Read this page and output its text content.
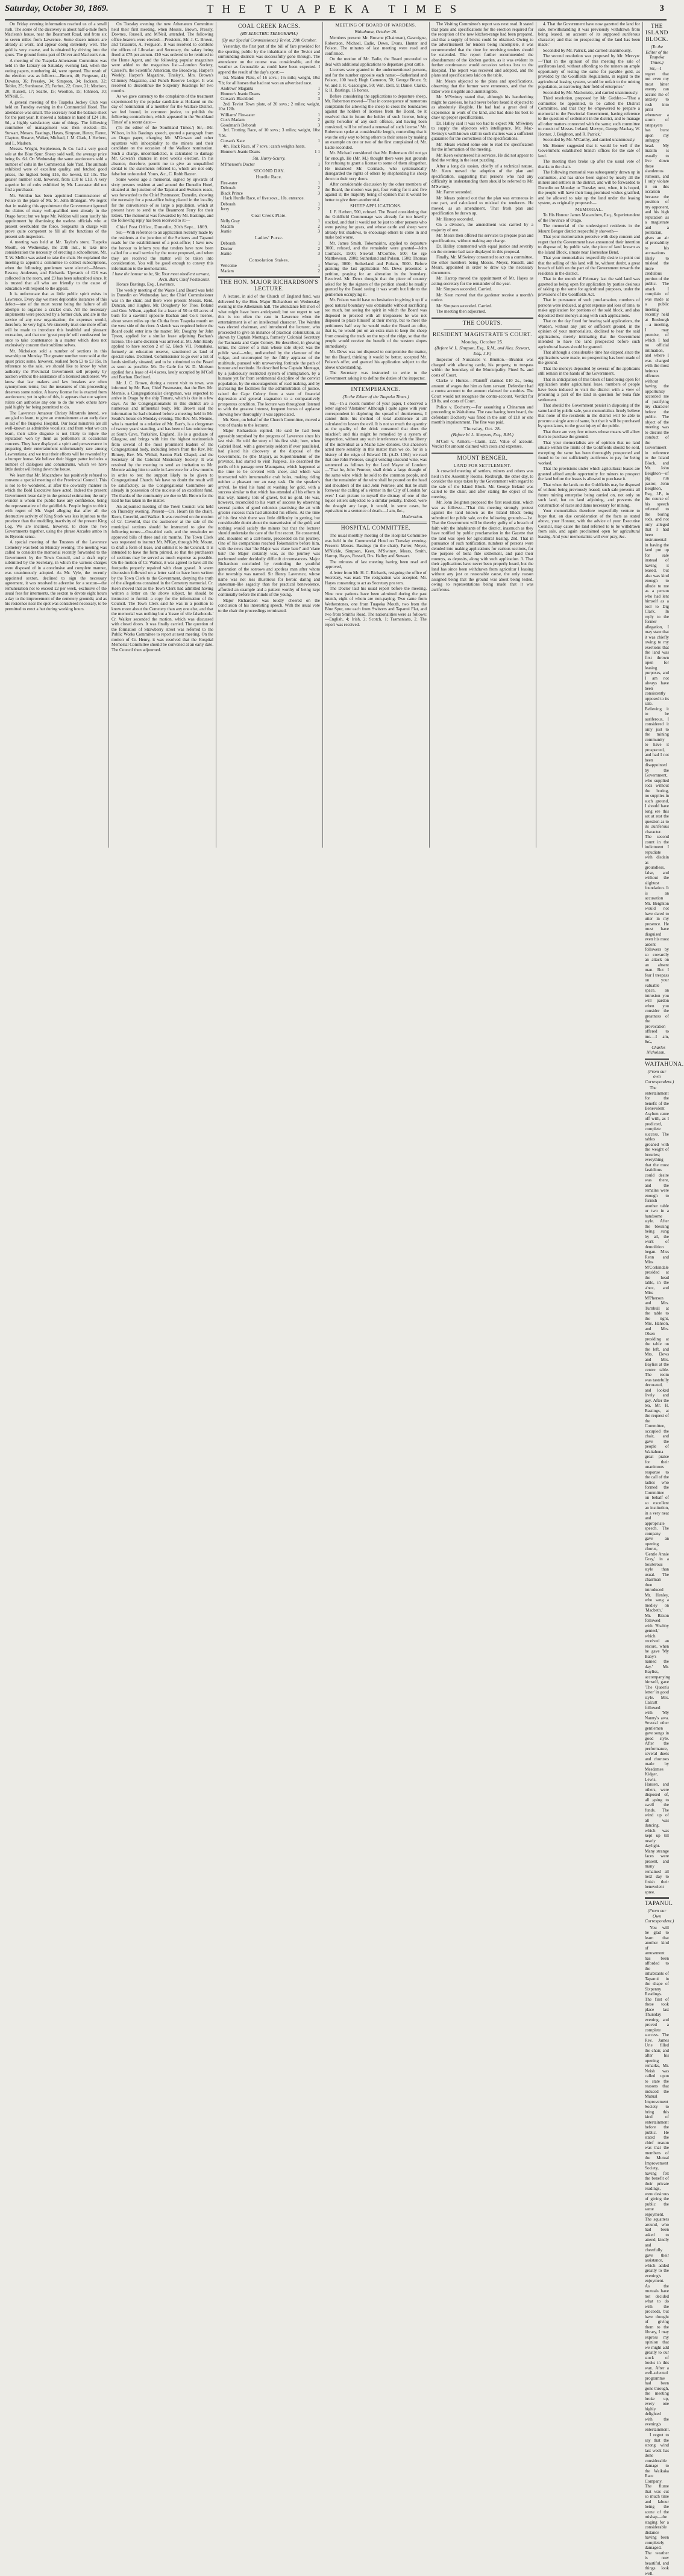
Saturday, October 30, 1869.	THE TUAPEKA TIMES	3

On Friday evening information reached us of a small rush. The scene of the discovery is about half-a-mile from Maclean's house, near the Beaumont Road, and from six to seven miles from Lawrence. Some dozen miners are already at work, and appear doing extremely well. The gold is very coarse, and is obtained by driving into the spurs. The ground forms part of Driver and Maclean's run.

A meeting of the Tuapeka Athenæum Committee was held in the Library on Saturday evening last, when the voting papers, numbering 44, were opened. The result of the election was as follows:—Brown, 40; Ferguson, 41; Downes, 36; Pressley, 34; Simpson, 34; Jackson, 32; Tobler, 25; Stenhouse, 25; Forbes, 22; Crow, 21; Morison, 20; Russell, 17; Searle, 15; Wootton, 15; Johnson, 10; M'Neill, 5.

A general meeting of the Tuapeka Jockey Club was held on Tuesday evening in the Commercial Hotel. The attendance was small. The secretary read the balance sheet for the past year. It showed a balance in hand of £24 18s. 6d., a highly satisfactory state of things. The following committee of management was then elected:—Dr. Stewart, Messrs. Bastings, Hayes, Simpson, Henry, Farrer, Clayton, Shearer, Walker, Michael, J. M. Clark, J. Herbert, and L. Madsen.

Messrs. Wright, Stephenson, & Co. had a very good sale at the Blue Spur. Sheep sold well, the average price being 6s. 6d. On Wednesday the same auctioneers sold a number of colts in the Commercial Sale Yard. The animals exhibited were of excellent quality, and fetched good prices, the highest being £16, the lowest, £2 10s. The greater number sold, however, from £10 to £13. A very superior lot of colts exhibited by Mr. Lancaster did not find a purchaser.

Mr. Weldon has been appointed Commissioner of Police in the place of Mr. St. John Branigan. We regret that in making this appointment the Government ignored the claims of many well-qualified men already in the Otago force; but we hope Mr. Weldon will soon justify his appointment by dismissing the useless officials who at present overburden the force. Sergeants in charge will prove quite competent to fill all the functions of the present sub-inspectors.

A meeting was held at Mr. Taylor's store, Tuapeka Mouth, on Wednesday, the 20th inst., to take into consideration the necessity of erecting a schoolhouse. Mr. T. W. Mellor was asked to take the chair. He explained the meeting to appoint a committee to collect subscriptions, when the following gentlemen were elected:—Messrs. Rescoe, Anderson, and Richards. Upwards of £26 was collected in the room, and £9 has been subscribed since. It is trusted that all who are friendly to the cause of education will respond to the appeal.

It is unfortunate that as little public spirit exists in Lawrence. Every day we meet deplorable instances of this defect—one of the most recent being the failure of all attempts to organise a cricket club. All the necessary implements were procured by a former club, and are in the service of any new organisation; the expenses would, therefore, be very light. We sincerely trust one more effort will be made to introduce this healthful and pleasant recreation, and that our 'great people' will condescend for once to take countenance in a matter which does not exclusively concern their sublime selves.

Mr. Nicholson sold a number of sections in this township on Monday. The greater number were sold at the upset price; some, however, realised from £3 to £3 15s. In reference to the sale, we should like to know by what authority the Provincial Government sell property by auction without the assistance of a licensed auctioneer. We know that law makers and law breakers are often synonymous terms; but the measures of this proceeding deserves some notice. A heavy license fee is exacted from auctioneers; yet in spite of this, it appears that our sapient rulers can authorise any one to do the work others have paid highly for being permitted to do.

The Lawrence Amateur Christy Minstrels intend, we are glad to learn, to give an entertainment at an early date in aid of the Tuapeka Hospital. Our local minstrels are all well-known as admirable vocalists; and from what we can learn, their sable disguise is not likely to injure the reputation won by them as performers at occasional concerts. They have displayed a spirit and perseverance in preparing their entertainment unfortunately rare among Lawrentians; and we trust their efforts will be rewarded by a bumper house. We believe their bigger patter includes a number of dialogues and conundrums, which we have little doubt will bring down the house.

We learn that Mr. Macandrew has positively refused to convene a special meeting of the Provincial Council. This is not to be wondered, at after the cowardly manner in which the Bold Executive have acted. Indeed the present Government lesse daily in the general estimation; the only wonder is whom the public have any confidence, being the representative of the goldfields. People begin to think with regret of Mr. Vogel alleging that after all the destructive activity of King Stork was less injurious to the province than the muddling inactivity of the present King Log. We are inclined, however, to close the two Governments together, using the phrase Arcades ambo in its Byronic sense.

A special meeting of the Trustees of the Lawrence Cemetery was held on Monday evening. The meeting was called to consider the memorial recently forwarded to the Government by the Town Council, and a draft reply submitted by the Secretary, in which the various charges were disposed of in a conclusive and complete manner, was unanimously adopted. As Mr. Vyle, the recently appointed sexton, declined to sign the necessary agreement, it was resolved to advertise for a sexton—the remuneration not to exceed £2 per week, exclusive of the usual fees for interments, the sexton to devote eight hours a day to the improvement of the cemetery grounds; and as his residence near the spot was considered necessary, to be permitted to erect a hut during working hours.

On Tuesday evening the new Athenæum Committee held their first meeting, when Messrs. Brown, Pressly, Downes, Russell, and M'Neil, attended. The following office-bearers were elected:—President, Mr. J. C. Brown, and Treasurer, A. Ferguson. It was resolved to combine the offices of Librarian and Secretary, the salary being fixed at £75 per annum. £10 was ordered to be remitted to the Home Agent, and the following popular magazines were added to the magazines list:—London Society, Cassell's, the Scientific American, the Broadway, Harper's Weekly, Harper's Magazine, Tinsley's, Mrs. Brown's Chimney Magazine, and Punch Reserve Ledger. It was resolved to discontinue the Sixpenny Readings for two months.

As we gave currency to the complaints of the treatment experienced by the popular candidate at Hokanui on the day of nomination of a member for the Wallace District, we feel bound, in common justice, to publish the following contradiction, which appeared in the 'Southland Times' of a recent date:—

(To the editor of the 'Southland Times.') Sir,—Mr. Wilson, in his Bastings speech, quoted a paragraph from an Otago paper, charging Mr. M'Gowan and other squatters with inhospitality to the miners and their candidate on the occasion of the Wallace nomination. Such a charge, uncontradicted, is calculated to damage Mr. Gowan's chances in next week's election. In his absence, therefore, permit me to give an unqualified denial to the statements referred to, which are not only false but unfounded. Yours, &c., C. Robb Baxter.

Some weeks ago a memorial, signed by upwards of sixty persons resident at and around the Dunedin Hotel, situated at the junction of the Tapanui and Switzers roads, was forwarded to the Chief Postmaster, Dunedin, showing the necessity for a post-office being placed in the locality for the convenience of so large a population, which at present have to send to the Beaumont Ferry for their letters. The memorial was forwarded by Mr. Bastings, and the following reply has been received to it:—

Chief Post Office, Dunedin, 20th Sept., 1869.

Sir,—With reference to an application recently made by the residents at the junction of the Switzers and Tapanui roads for the establishment of a post-office; I have now the honour to inform you that tenders have now been called for a mail service by the route proposed, and when they are received the matter will be taken into consideration. You will be good enough to convey this information to the memorialists.

I have the honour to be, Sir, Your most obedient servant, Arch. Barr, Chief Postmaster.

Horace Bastings, Esq., Lawrence.

The weekly meeting of the Waste Land Board was held in Dunedin on Wednesday last; the Chief Commissioner was in the chair, and there were present Messrs. Reid, Duncan, and Hughes. Mr. Dougherty for Thos. Boland and Geo. Wilson, applied for a lease of 50 or 60 acres of bush for a sawmill opposite Bachan and Co.'s license, about seven miles up the Clutha from Tuapeka mouth on the west side of the river. A sketch was required before the Board could enter into the matter. Mr. Doughty for John Tyson, applied for a similar lease adjoining Bachan's license. The same decision was arrived at. Mr. John Hardy applied to have section 2 of 62, Block VII, Pomahaka, formerly an education reserve, sanctioned as land of special value. Declined. Commissioner to go over a list of lands similarly situated, and to be submitted to the Board as soon as possible. Mr. De Carle for W. D. Morison applied for a lease of 414 acres, lately occupied by M'Coll and Buchan. Declined.

Mr. J. C. Brown, during a recent visit to town, was informed by Mr. Barr, Chief Postmaster, that the Rev. Mr. Mennie, a Congregationalist clergyman, was expected to arrive in Otago by the ship Timaru, which is due in a few days. As the Congregationalists in this district are a numerous and influential body, Mr. Brown said the information he had obtained before a meeting held in Mr. Searle's house on Monday evening. The Rev. Mr. Mennie, who is married to a relative of Mr. Barr's, is a clergyman of twenty years' standing, and has been of late ministering at South Cave, Yorkshire, England. He is a graduate of Glasgow, and brings with him the highest testimonials from several of the most prominent leaders of the Congregational body, including letters from the Rev. Mr. Binney, Rev. Mr. Withal, Saxton Park Chapel, and the Secretary of the Colonial Missionary Society. It was resolved by the meeting to send an invitation to Mr. Mennie asking him to settle in Lawrence for a few months in order to test the support likely to be given to Congregational Church. We have no doubt the result will be satisfactory, as the Congregational Committee are already in possession of the nucleus of an excellent fund. The thanks of the community are due to Mr. Brown for the lead he has taken in the matter.

An adjourned meeting of the Town Council was held on Thursday evening. Present—Crs. Hearn (in the chair), Keen, Coverlid, and Walker. It was resolved on the motion of Cr. Coverlid, that the auctioneer at the sale of the municipal sections should be instructed to give the following terms:—One-third cash, and the remainder on approved bills of three and six months. The Town Clerk was requested to instruct Mr. M'Kay, through Mr. Mount, to draft a form of lease, and submit it to the Council. It is intended to have the form printed, so that the purchasers of sections may be served as much expense as possible. On the motion of Cr. Walker, it was agreed to have all the footpaths properly repaired with clean gravel. A warm discussion followed on a letter said to have been written by the Town Clerk to the Government, denying the truth of the allegations contained in the Cemetery memorial. Cr. Keen moved that as the Town Clerk had admitted having written a letter on the above subject, he should be instructed to furnish a copy for the information of the Council. The Town Clerk said he was in a position to know more about the Cemetery than any one else, and that the memorial was nothing but a 'tissue of vile falsehoods.' Cr. Walker seconded the motion, which was discussed with closed doors. It was finally carried. The question of the formation of Strawberry street was referred to the Public Works Committee to report at next meeting. On the motion of Cr. Henry, it was resolved that the Hospital Memorial Committee should be convened at an early date. The Council then adjourned.

COAL CREEK RACES.
(BY ELECTRIC TELEGRAPH.)
(By our Special Commissioner.) Teviot, 29th October.

Yesterday, the first part of the bill of fare provided for the sporting public by the inhabitants of the Teviot and surrounding districts was successfully gone through. The attendance on the course was considerable, and the weather as favourable as could have been expected. I append the result of the day's sport:—

1st. Maiden Plate, of 16 sovs.; 1½ mile; weight, 10st 7lb; for all horses that had not won an advertised race.

Andrews' Maganta	1
Honnor's Jeanie Deans	2
Corsan's Blackbird	3

2nd. Teviot Town plate, of 20 sovs.; 2 miles; weight, 10st 12lb.

Williams' Fire-eater	1
Cox's Madam	2
Goodman's Deborah	3

3rd. Trotting Race, of 10 sovs.; 3 miles; weight, 10st 7lbs.

Corsan's Kate	1

4th. Hack Race, of 7 sovs.; catch weights heats.

Honnor's Jeanie Deans	1 1
5th. Hurry-Scurry.
M'Pherson's Doctor	1
SECOND DAY.
Hurdle Race.
Fire-eater	1
Deborah	2
Black Prince	3

Hack Hurdle Race, of five sovs., 10s. entrance.

Deborah	1
Jerry	2
Coal Creek Plate.
Nelly Gray	1
Madam	2
Jeanie	3
Ladies' Purse.
Deborah	1
Doctor	2
Jeanie	3
Consolation Stakes.
Welcome	1
Madam	2
THE HON. MAJOR RICHARDSON'S LECTURE.

A lecture, in aid of the Church of England fund, was delivered by the Hon. Major Richardson on Wednesday evening in the Athenæum hall. The attendance fell short of what might have been anticipated; but we regret to say this is too often the case in Lawrence when the entertainment is of an intellectual character. The Warden was elected chairman, and introduced the lecturer, who proceeded to give an instance of practical colonization, as shown by Captain Montagu, formerly Colonial Secretary for Tasmania and Cape Colony. He described, in glowing terms, the career of a man whose sole object was the public weal—who, undisturbed by the clamour of the vulgar, and uncorrupted by the filthy applause of the multitude, pursued with unswerving fortitude the path of honour and rectitude. He described how Captain Montagu, by a judiciously restricted system of immigration, by a humane yet far from sentimental discipline of the convict population, by the encouragement of road making, and by increasing the facilities for the administration of justice, raised the Cape Colony from a state of financial depression and general stagnation to a comparatively prosperous condition. The lecture was throughout listened to with the greatest interest, frequent bursts of applause showing how thoroughly it was appreciated.

Mr. Keen, on behalf of the Church Committee, moved a vote of thanks to the lecturer.

Major Richardson replied. He said he had been agreeably surprised by the progress of Lawrence since his last visit. He told the story of his first visit; how, when Gabriel Read, with a generosity seldom if ever paralleled, had placed his discovery at the disposal of the Government, he (the Major), as Superintendent of the province, had started to visit Tuapeka. He described the perils of his passage over Maungatua, which happened at the time to be covered with snow, and which was intersected with innumerable crab holes, making riding neither a pleasant nor an easy task. On the speaker's arrival, he tried his hand at washing for gold, with a success similar to that which has attended all his efforts in that way, namely, lots of gravel, but no gold. He was, however, reconciled to his want of success by observing several parties of good colonists practising the art with greater success than had attended his efforts. At the time of his first visit there was little difficulty in getting, but considerable doubt about the transmission of the gold, and nothing would satisfy the miners but that the lecturer should undertake the care of the first escort. He consented, and, mounted on a cart-horse, proceeded on his journey. One of his companions reached Tokomairiro before him, with the news that 'the Major was clane bate!' and 'clane bate' the Major certainly was, as the journey was performed under decidedly difficult circumstances. Major Richardson concluded by reminding the youthful generation of the sorrows and spotless man after whom the township was named. Sir Henry Lawrence, whose name was not less illustrious for heroic daring and statesman-like sagacity than for practical benevolence, afforded an example and a pattern worthy of being kept continually before the minds of the young.

Major Richardson was loudly cheered on the conclusion of his interesting speech. With the usual vote to the chair the proceedings terminated.

MEETING OF BOARD OF WARDENS.
Waitahuna, October 26.

Members present: Mr. Browne (Chairman), Gascoigne, Robertson, Michael, Eadie, Dews, Evans, Hunter and Polson. The minutes of last meeting were read and confirmed.

On the motion of Mr. Eadie, the Board proceeded to deal with additional applications to depasture great cattle.

Licenses were granted to the undermentioned persons, and for the number opposite each name:—Sutherland and Polson, 100 head; Hugh Cameron, 50; George Bruce, 9; W. and J. R. Gascoigne, 50; Win. Dell, 9; Daniel Clarke, 6; H. Bastings, 16 horses.

Before considering the applications to depasture sheep, Mr. Robertson moved—'That in consequence of numerous complaints for allowing the sheep to cross the boundaries against the holders of licenses from the Board, be it resolved that in future the holder of such license, being guilty hereafter of any such offence, and having been convicted, will be refused a renewal of such license.' Mr. Robertson spoke at considerable length, contending that it was the only way to bring others to their senses by making an example on one or two of the first complained of. Mr. Eadie seconded.

Mr. Michael considered that Mr. Robertson did not go far enough. He (Mr. M.) thought there were just grounds for refusing to grant a license to some of them altogether. He instanced Mr. Cormack, who systematically disregarded the rights of others by shepherding his sheep down to their very doors.

After considerable discussion by the other members of the Board, the motion was put, four voting for it and five against it; the majority being of opinion that it would be better to give them another trial.

SHEEP APPLICATIONS.

J. F. Herbert, 500, refused. The Board considering that the Goldfield Commonage was already far too heavily stocked, and that it would not be just to other persons who were paying for grass, and whose cattle and sheep were already but shadows, to encourage others to come in and make bad worse.

Mr. James Smith, Tokomairiro, applied to depasture 3000, refused, and the remainder were granted—John Cormack, 1500; Stewart M'Combe, 500; Ge rge Matthewson, 2000; Sutherland and Polson, 1500; Thomas Murray, 3000; Sutherland and Polson, 5000. Before granting the last application Mr. Dews presented a petition, praying for an alteration in the boundary. Received. Mr. Dews thought that the piece of country asked for by the signers of the petition should be readily granted by the Board seeing it was worth but little to the gentlemen occupying it.

Mr. Polson would have no hesitation in giving it up if a good natural boundary was obtainable without sacrificing too much, but seeing the spirit in which the Board was disposed to proceed with all trespassers he was not disposed to place himself at their mercy, but to meet the petitioners half way he would make the Board an offer, that is, he would put on an extra man to keep the sheep from crossing the track on the top of the ridge, so that the people would receive the benefit of the western slopes immediately.

Mr. Dews was not disposed to compromise the matter, but the Board, thinking it would be better, accepted Mr. Polson's offer, and granted his application subject to the above understanding.

The Secretary was instructed to write to the Government asking it to define the duties of the inspector.

INTEMPERANCE.
(To the Editor of the Tuapeka Times.)

Sir,—In a recent number of your paper, I observed a letter signed 'Abstainer' Although I quite agree with your correspondent in deploring the spread of drunkenness, I cannot think his method of total abstinence at all calculated to lessen the evil. It is not so much the quantity as the quality of the drink consumed that does the mischief; and this might be remedied by a system of inspection, without any such interference with the liberty of the individual as a Maine Law denotes. Our ancestors acted more sensibly in this matter than we do, for in a history of the reign of Edward III. (A.D. 1364) we read that one John Penrose, caught vending unsound wine, was sentenced as follows by the Lord Mayor of London:—'That he, John Penrose, shall drink a large draught of the same wine which he sold to the common people, and that the remainder of the wine shall be poured on the head and shoulders of the said John Penrose; and that he shall forswear the calling of a vintner in the City of London for ever.' I can picture to myself the dismay of one of the liquor sellers subjected to a similar penalty. Indeed, were the draught any large, it would, in some cases, be equivalent to a sentence of death.—I am, &c.,

Moderation.
HOSPITAL COMMITTEE.

The usual monthly meeting of the Hospital Committee was held in the Commercial Hotel on Tuesday evening. Present: Messrs. Bastings (in the chair), Farrer, Meyer, M'Nickle, Simpson, Keen, M'Swiney, Mears, Smith, Harrop, Hayes, Russell, Drs. Halley and Stewart.

The minutes of last meeting having been read and approved,

A letter from Mr. H. C. Richards, resigning the office of Secretary, was read. The resignation was accepted, Mr. Hayes consenting to act as Secretary pro tem.

The Doctor laid his usual report before the meeting. Nine new patients have been admitted during the past month, eight of whom are non-paying. Two came from Wetherstones, one from Tuapeka Mouth, two from the Blue Spur, one each from Switzers and Tapanui Flat, and two from Smith's Road. The nationalities were as follows:—English, 4; Irish, 2; Scotch, 1; Tasmanians, 2. The report was received.

The Visiting Committee's report was next read. It stated that plans and specifications for the erection required for the reception of the new kitchen-range had been prepared, and that a supply of bricks could be obtained. Owing to the advertisement for tenders being incomplete, it was recommended that the time for receiving tenders should be extended. The report further recommended the abandonment of the kitchen garden, as it was evident its further continuance would occasion serious loss to the Hospital. The report was received and adopted, and the plans and specifications laid on the table.

Mr. Mears objected to the plans and specifications, observing that the former were erroneous, and that the latter were illegible and unintelligible.

Mr. M'Swiney stated that, although his handwriting might be careless, he had never before heard it objected to as absolutely illegible. He had had a great deal of experience in work of the kind, and had done his best to draw up proper specifications.

Dr. Halley said it was too bad to expect Mr. M'Swiney to supply the objectors with intelligence. Mr. Mac-Swiney's well-known skill in such matters was a sufficient guarantee for the correctness of the specifications.

Mr. Mears wished some one to read the specification for the information of the meeting.

Mr. Keen volunteered his services. He did not appear to find the writing in the least puzzling.

After a long dis ussion, chiefly of a technical nature, Mr. Keen moved the adoption of the plan and specification, suggesting that persons who had any difficulty in understanding them should be referred to Mr. M'Swiney.

Mr. Farrer seconded.

Mr. Mears pointed out that the plan was erroneous in one part, and calculated to mislead the tenderers. He moved, as an amendment, 'That fresh plan and specification be drawn up.

Mr. Harrop seconded.

On a division, the amendment was carried by a majority of one.

Mr. Mears then offered his services to prepare plan and specifications, without making any charge.

Dr. Halley commented with equal justice and severity on the extreme bad taste displayed in this proposal.

Finally, Mr. M'Swiney consented to act on a committee, the other members being Messrs. Meyer, Russell, and Mears, appointed in order to draw up the necessary documents.

Mr. Harrop moved the appointment of Mr. Hayes as acting-secretary for the remainder of the year.

Mr. Simpson seconded. Carried.

Mr. Keen moved that the gardener receive a month's notice.

Mr. Simpson seconded. Carried.

The meeting then adjourned.

THE COURTS.
RESIDENT MAGISTRATE'S COURT.
Monday, October 25.
(Before W. L. Simpson, Esq., R.M., and Alex. Stewart, Esq., J.P.)

Inspector of Nuisances v. Brunton.—Brunton was charged with allowing cattle, his property, to trespass within the boundary of the Municipality. Fined 5s. and costs of Court.

Clarke v. Hunter.—Plaintiff claimed £10 2s., being amount of wages due him as farm servant. Defendant had a contra account to the amount claimed for sundries. The Court would not recognise the contra-account. Verdict for £8 8s. and costs of Court.

Police v. Docherty.—For assaulting a Chinaman and proceeding to Waitahuna. The case having been heard, the defendant Docherty was fined in the sum of £10 or one month's imprisonment. The fine was paid.

Thursday, Oct. 28.
(Before W. L. Simpson, Esq., R.M.)

M'Coll v. Aimers.—Claim, £22. Value of account. Verdict for amount claimed with costs and expenses.

MOUNT BENGER.
LAND FOR SETTLEMENT.

A crowded meeting of settlers, miners and others was held in the Assembly Rooms, Roxburgh, the other day, to consider the steps taken by the Government with regard to the sale of the Island Block. Mr. George Ireland was called to the chair, and after stating the object of the meeting,

Mr. John Beighton proposed the first resolution, which was as follows:—'That this meeting strongly protest against the land known as the Island Block being submitted for public sale, on the following grounds:—1st. That the Government will be thereby guilty of a breach of faith with the inhabitants of the district, inasmuch as they have notified by public proclamation in the Gazette that the land was open for agricultural leasing. 2nd. That in pursuance of such notification, numbers of persons were deluded into making applications for various sections, for the purpose of bona fide settlement, and paid their moneys, as deposits, along with such application. 3. That their applications have never been properly heard, but the land has since been withdrawn from agricultur l leasing without any just or reasonable cause, the only reason assigned being that the ground was about being tested, owing to representations being made that it was auriferous.

4. That the Government have now gazetted the land for sale, notwithstanding it was previously withdrawn from being leased, on account of its supposed auriferous character; and that no prospecting of the land has been made.'

Seconded by Mr. Patrick, and carried unanimously.

The second resolution was proposed by Mr. Mervyn:—'That in the opinion of this meeting the sale of auriferous land, without affording to the miners an ample opportunity of testing the same for payable gold, as provided by the Goldfields Regulations, in regard to the agricultural leasing system, would be unfair to the mining population, as narrowing their field of enterprise.'

Seconded by Mr. Mackenzie, and carried unanimously.

Third resolution, proposed by Mr. Geddes:—'That a committee be appointed, to be called the District Committee, and that they be empowered to prepare a memorial to the Provincial Government, having reference to the question of settlement in the district, and to manage all other matters connected with the same; such committee to consist of Messrs. Ireland, Mervyn, George Mackay, W. Honner, J. Beighton, and R. Patrick.'

Seconded by Mr. M'Carthy, and carried unanimously.

Mr. Honner suggested that it would be well if the Government established branch offices for the sale of land.

The meeting then broke up after the usual vote of thanks to the chair.

The following memorial was subsequently drawn up in committee, and has since been signed by nearly all the miners and settlers in the district, and will be forwarded to Dunedin on Monday or Tuesday next, when, it is hoped, the people will have their long-promised wishes gratified, and be allowed to take up the land under the leasing system, as originally proposed:—

MEMORIAL.

To His Honour James Macandrew, Esq., Superintendent of the Province of Otago.

The memorial of the undersigned residents in the Mount Benger district respectfully showeth—

That your memorialists perceive with deep concern and regret that the Government have announced their intention to dispose of, by public sale, the piece of land known as the Island Block, situate near Horseshoe Bend.

That your memorialists respectfully desire to point out that the selling of this land will be, without doubt, a great breach of faith on the part of the Government towards the residents in the district.

That in the month of February last the said land was gazetted as being open for application by parties desirous of taking up the same for agricultural purposes, under the provisions of the Goldfields Act.

That in pursuance of such proclamation, numbers of persons were induced, at great expense and loss of time, to make application for portions of the said block, and also deposited their moneys along with such applications.

That on the day fixed for hearing said applications, the Warden, without any just or sufficient ground, in the opinion of your memorialists, declined to hear the said applications, merely intimating that the Government intended to have the land prospected before such agricultural leases should be granted.

That although a considerable time has elapsed since the applications were made, no prospecting has been made of the ground.

That the moneys deposited by several of the applicants still remain in the hands of the Government.

That in anticipation of this block of land being open for application under agricultural lease, numbers of people have been induced to visit the district with a view of procuring a part of the land in question for bona fide settlement.

That should the Government persist in disposing of the same land by public sale, your memorialists firmly believe that none of the residents in the district will be able to procure a single acre of same, but that it will be purchased by speculators, to the great injury of the public.

That there are very few miners whose means will allow them to purchase the ground.

That your memorialists are of opinion that no land situate within the limits of the Goldfields should be sold, excepting the same has been thoroughly prospected and found to be not sufficiently auriferous to pay for being worked.

That the provisions under which agricultural leases are granted afford ample opportunity for miners to prospect the land before the leases is allowed to purchase it.

That when the lands on the Goldfields may be disposed of without being previously leased, such sale prevents all future mining enterprise being carried on, not only on such land, but on land adjoining, and prevents the construction of races and dams necessary for mining.

Your memorialists therefore respectfully venture to hope that, on due consideration of the facts as stated above, your Honour, with the advice of your Executive Council, may cause the land referred to to be withdrawn from sale, and again proclaimed open for agricultural leasing. And your memorialists will ever pray, &c.

THE ISLAND BLOCK.
(To the Editor of the Tuapeka Times.)

Sir,—I regret that not even my most bitter enemy can accuse me of anxiety to rush into print whenever a storm of ratepayers has burst upon my unhappy head. My maxim is usually to live down these slanderous rumours, and I only violate it on this occasion because the position of my opponent, and his high reputation as a magistrate and a politician, gives an air of probability to his accusations likely to mislead the more credulous portion of the public. The attack I complain of was made at a public meeting recently held at Roxburgh—a meeting, I may premise, of which I had no official intimation, and where I was charged with the most heinous offences without having the opportunity accorded me of justifying my character before the public. The object of the meeting was to discuss the conduct of the Government in reference to the Island Block, and Mr. John Beighton—of pig run pastor, John Beighton, Esq., J.P., in the course of his speech referred to the boring rods, and not only alleged that I had been instrumental in having the land put up for sale instead of having it leased, but also was kind enough to allude to me as a person who had lent himself as a tool to Dig Clark. In reply to the former allegation, I may state that it was chiefly owing to my exertions that the land was first thrown open for leasing purposes, and I am not always have been consistently opposed to its sale. Believing it to be auriferous, I considered it only just to the mining community to have it prospected, and had I not been disappointed by the Government, who supplied rods without the boring, no supplies in such ground, I should have long ere this set at rest the question as to its auriferous character. The second count in the indictment I repudiate with disdain as groundless, false, and without the slightest foundation. It is an accusation Mr. Beighton would not have dared to utter in my presence. He must have disguised even his most ardent followers by so cowardly an attack on an absent man. But I fear I trespass on your valuable space, an intrusion you will pardon when you consider the greatness of the provocation offered to me.—I am, &c.,

Charles Nicholson.
WAITAHUNA.
(From our own Correspondent.)

The entertainment for the benefit of the Benevolent Asylum came off with, as I predicted, complete success. The tables groaned with the weight of luxuries; everything that the most fastidious could desire was there, and the remains were enough to furnish another table or two in a handsome style. After the blessing being sung by all, the work of demolition began. Miss Renn and Miss M'Corkindale presided at the head table, in the a'nce, and Miss M'Pherson and Mrs. Turnbull at the table to the right, Mrs. Hanson, and Mrs. Olsen presiding at the table on the left, and Mrs. Dews and Mrs. Bayliss at the centre table. The room was tastefully decorated, and looked lively and gay. After the tea, Mr. H. Bastings, at the request of the Committee, occupied the chair, and gave the people of Waitahuna great praise for their unanimous response to the call of the ladies who formed the Committee on behalf of so excellent an institution, in a very neat and appropriate speech. The company gave an opening chorus, 'Gentle Annie Gray,' in a boisterous style than usual. The chairman then introduced Mr. Henley, who sang a medley on 'Macbeth.' Mr. Ritson followed with 'Shabby genteel,' which received an encore, when he gave 'My Baby's named the day.' Mr. Bayliss, accompanying himself, gave 'The Queen's letter' in good style. Mrs. Calcutt followed with 'My Nanny's awa. Several other gentlemen gave songs in good style. After the performance, several duets and choruses made by Mesdames Kidger, Lewis, Hansen, and others, were disposed of, all going to swell the funds. The wind up of all was dancing, which was kept up till nearly daylight. Many strange faces were present, and many remained all next day to finish their benevolent spree.

TAPANUI.
(From our Own Correspondent.)

You will be glad to learn that another kind of amusement has been afforded to the inhabitants of Tapanui in the shape of Sixpenny Readings. The first of these took place last Thursday evening, and proved a complete success. The Rev. James Urie filled the chair, and after his opening remarks, Mr. Neish was called upon to state the reasons that induced the Mutual Improvement Society to bring this kind of entertainment before the public. He stated the chief reason was that the members of the Mutual Improvement Society, having felt the benefit of their private readings, were desirous of giving the public the same enjoyment. The squatters around, who had been asked to attend, kindly and cheerfully gave their assistance, which added greatly to the evening's enjoyment. As the mutuals have not decided what to do with the proceeds, but have thought of giving them to the library, I may express my opinion that we might add greatly to our stock of books in this way. After a well-selected programme had been gone through, the meeting broke up, every one highly delighted with the evening's entertainment.

I regret to say that the strong wind last week has done considerable damage to the Waikaka Race Company. The flume that was cut so much time and labour being the scene of the mishap—the staging for a considerable distance having been completely damaged. The weather is now beautiful, and things look well.
